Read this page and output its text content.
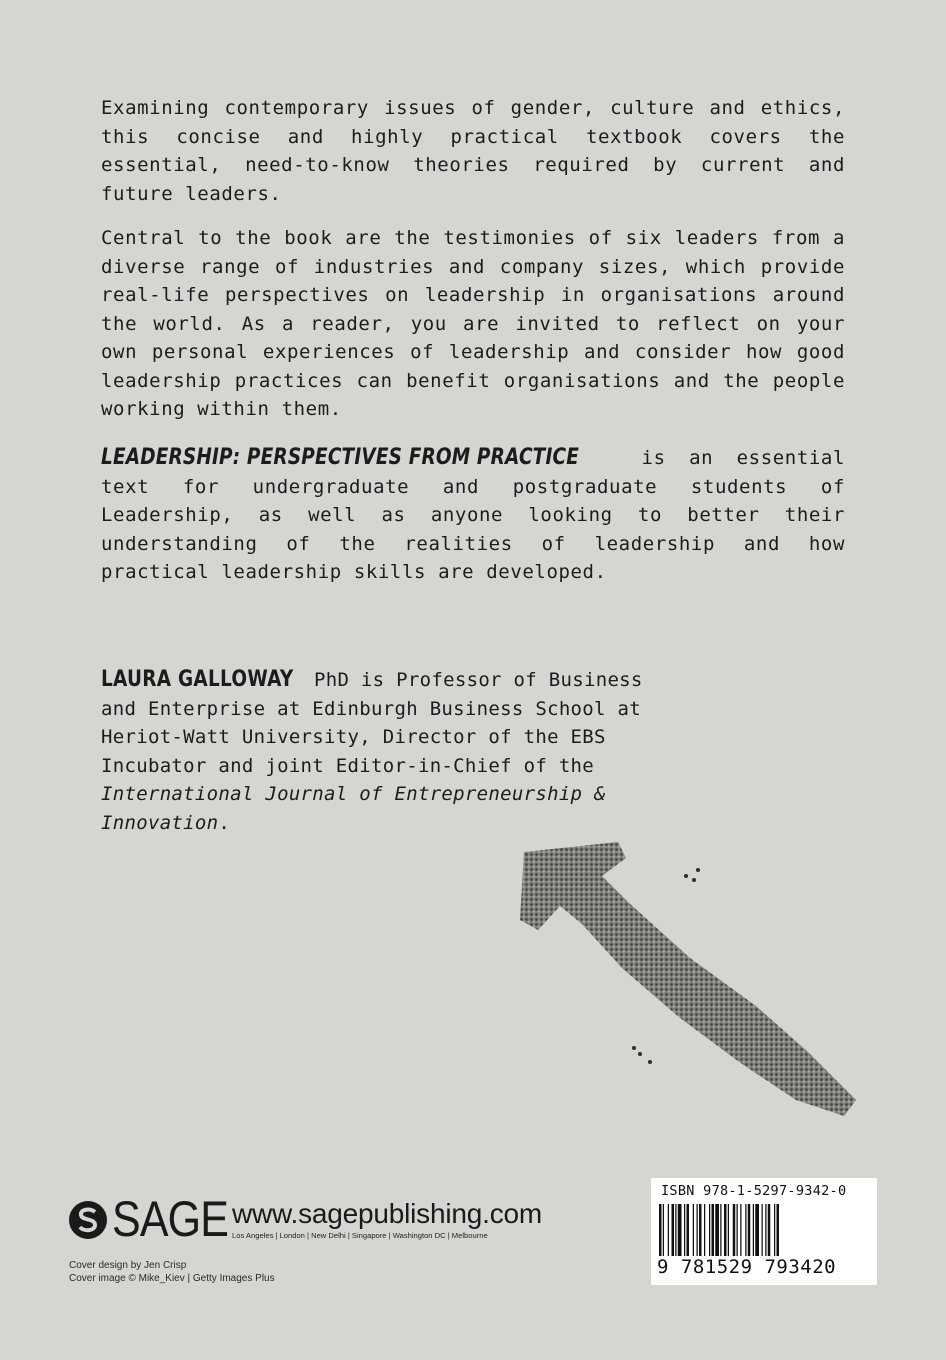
Examining contemporary issues of gender, culture and ethics, this concise and highly practical textbook covers the essential, need-to-know theories required by current and future leaders.
Central to the book are the testimonies of six leaders from a diverse range of industries and company sizes, which provide real-life perspectives on leadership in organisations around the world. As a reader, you are invited to reflect on your own personal experiences of leadership and consider how good leadership practices can benefit organisations and the people working within them.
LEADERSHIP: PERSPECTIVES FROM PRACTICE is an essential text for undergraduate and postgraduate students of Leadership, as well as anyone looking to better their understanding of the realities of leadership and how practical leadership skills are developed.
LAURA GALLOWAY PhD is Professor of Business and Enterprise at Edinburgh Business School at Heriot-Watt University, Director of the EBS Incubator and joint Editor-in-Chief of the International Journal of Entrepreneurship & Innovation.
SAGE www.sagepublishing.com
Los Angeles | London | New Delhi | Singapore | Washington DC | Melbourne
Cover design by Jen Crisp
Cover image © Mike_Kiev | Getty Images Plus
ISBN 978-1-5297-9342-0
9 781529 793420
